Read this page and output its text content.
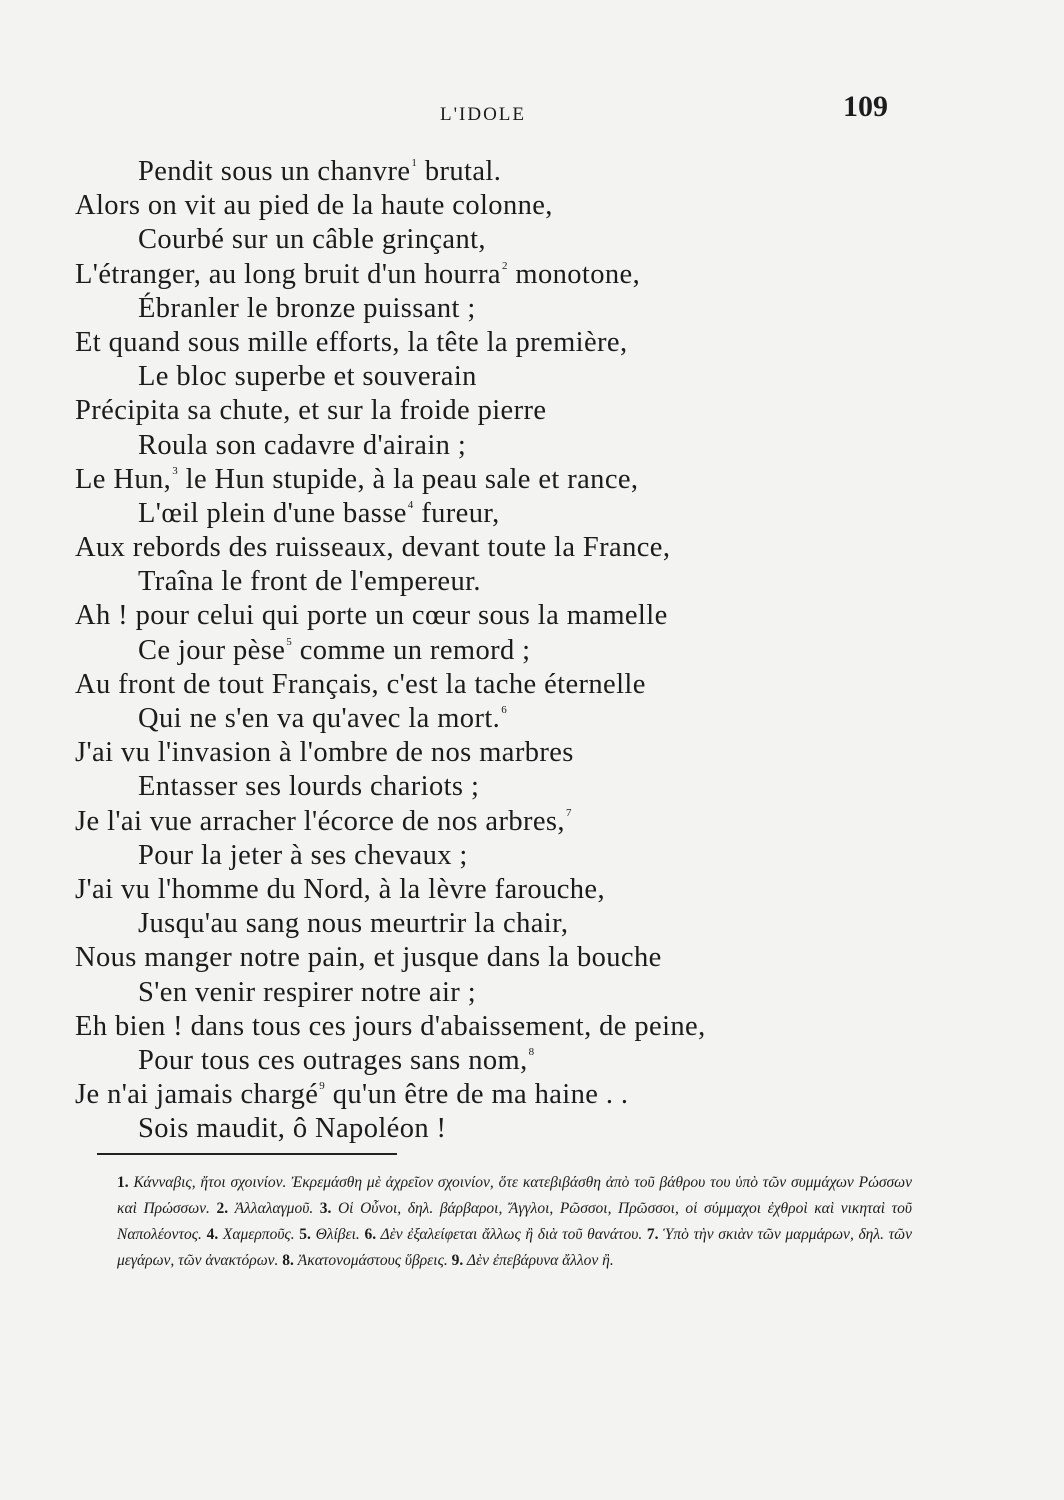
L'IDOLE	109
Pendit sous un chanvre$^1$ brutal.
Alors on vit au pied de la haute colonne,
Courbé sur un câble grinçant,
L'étranger, au long bruit d'un hourra$^2$ monotone,
Ébranler le bronze puissant ;
Et quand sous mille efforts, la tête la première,
Le bloc superbe et souverain
Précipita sa chute, et sur la froide pierre
Roula son cadavre d'airain ;
Le Hun,$^3$ le Hun stupide, à la peau sale et rance,
L'œil plein d'une basse$^4$ fureur,
Aux rebords des ruisseaux, devant toute la France,
Traîna le front de l'empereur.
Ah ! pour celui qui porte un cœur sous la mamelle
Ce jour pèse$^5$ comme un remord ;
Au front de tout Français, c'est la tache éternelle
Qui ne s'en va qu'avec la mort.$^6$
J'ai vu l'invasion à l'ombre de nos marbres
Entasser ses lourds chariots ;
Je l'ai vue arracher l'écorce de nos arbres,$^7$
Pour la jeter à ses chevaux ;
J'ai vu l'homme du Nord, à la lèvre farouche,
Jusqu'au sang nous meurtrir la chair,
Nous manger notre pain, et jusque dans la bouche
S'en venir respirer notre air ;
Eh bien ! dans tous ces jours d'abaissement, de peine,
Pour tous ces outrages sans nom,$^8$
Je n'ai jamais chargé$^9$ qu'un être de ma haine . .
Sois maudit, ô Napoléon !
1. Κάνναβις, ἤτοι σχοινίον. Ἐκρεμάσθη μὲ ἀχρεῖον σχοινίον, ὅτε κατεβιβάσθη ἀπὸ τοῦ βάθρου του ὑπὸ τῶν συμμάχων Ρώσσων καὶ Πρώσσων. 2. Ἀλλαλαγμοῦ. 3. Οἱ Οὖνοι, δηλ. βάρβαροι, Ἄγγλοι, Ρῶσσοι, Πρῶσσοι, οἱ σύμμαχοι ἐχθροὶ καὶ νικηταὶ τοῦ Ναπολέοντος. 4. Χαμερποῦς. 5. Θλίβει. 6. Δὲν ἐξαλείφεται ἄλλως ἢ διὰ τοῦ θανάτου. 7. Ὑπὸ τὴν σκιὰν τῶν μαρμάρων, δηλ. τῶν μεγάρων, τῶν ἀνακτόρων. 8. Ἀκατονομάστους ὕβρεις. 9. Δὲν ἐπεβάρυνα ἄλλον ἢ.
